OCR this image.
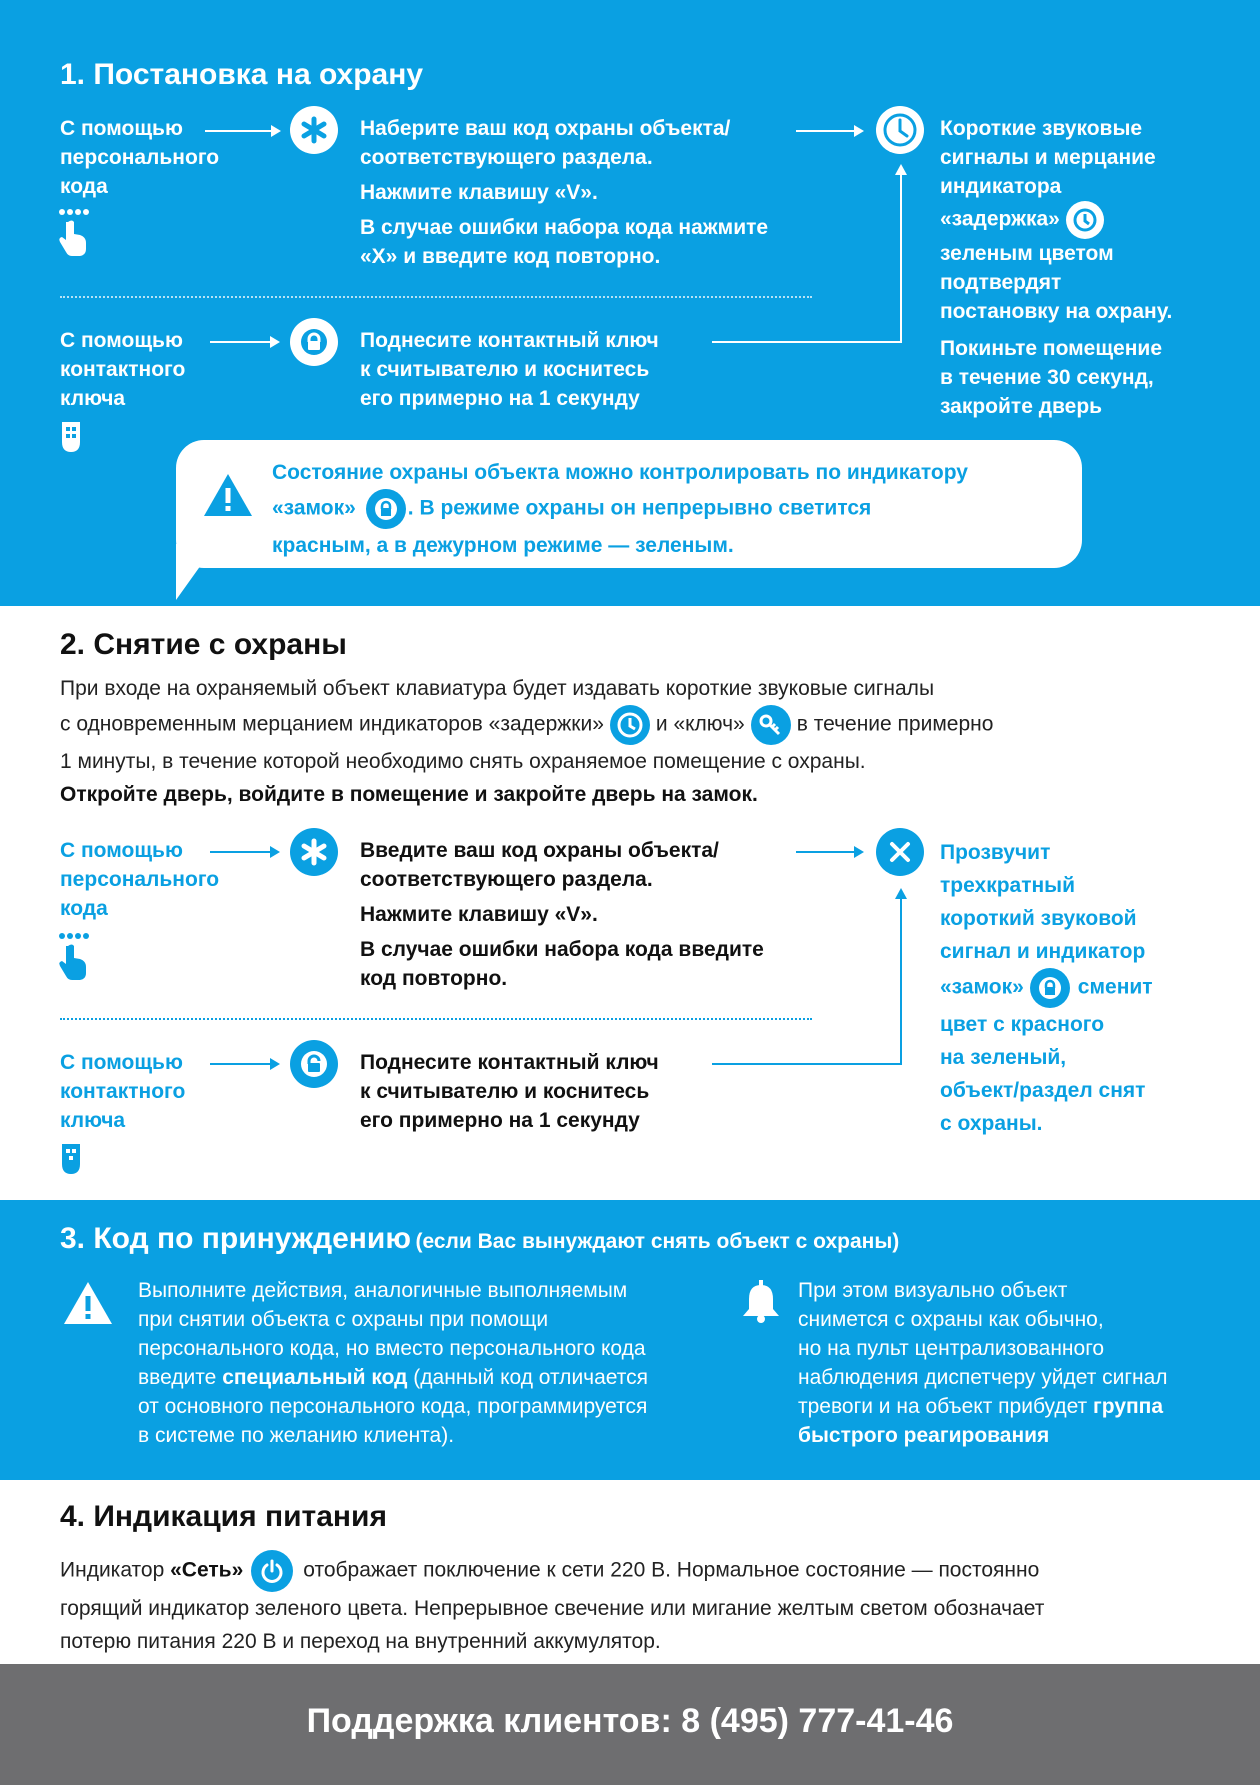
1. Постановка на охрану
С помощью
персонального
кода
Наберите ваш код охраны объекта/
соответствующего раздела.
Нажмите клавишу «V».
В случае ошибки набора кода нажмите
«Х» и введите код повторно.
Короткие звуковые
сигналы и мерцание
индикатора
«задержка»
зеленым цветом
подтвердят
постановку на охрану.
Покиньте помещение
в течение 30 секунд,
закройте дверь
С помощью
контактного
ключа
Поднесите контактный ключ
к считывателю и коснитесь
его примерно на 1 секунду
Состояние охраны объекта можно контролировать по индикатору
«замок» . В режиме охраны он непрерывно светится
красным, а в дежурном режиме — зеленым.
2. Снятие с охраны
При входе на охраняемый объект клавиатура будет издавать короткие звуковые сигналы
с одновременным мерцанием индикаторов «задержки» и «ключ» в течение примерно
1 минуты, в течение которой необходимо снять охраняемое помещение с охраны.
Откройте дверь, войдите в помещение и закройте дверь на замок.
С помощью
персонального
кода
Введите ваш код охраны объекта/
соответствующего раздела.
Нажмите клавишу «V».
В случае ошибки набора кода введите
код повторно.
Прозвучит
трехкратный
короткий звуковой
сигнал и индикатор
«замок»	сменит
цвет с красного
на зеленый,
объект/раздел снят
с охраны.
С помощью
контактного
ключа
Поднесите контактный ключ
к считывателю и коснитесь
его примерно на 1 секунду
3. Код по принуждению (если Вас вынуждают снять объект с охраны)
Выполните действия, аналогичные выполняемым
при снятии объекта с охраны при помощи
персонального кода, но вместо персонального кода
введите специальный код (данный код отличается
от основного персонального кода, программируется
в системе по желанию клиента).
При этом визуально объект
снимется с охраны как обычно,
но на пульт централизованного
наблюдения диспетчеру уйдет сигнал
тревоги и на объект прибудет группа
быстрого реагирования
4. Индикация питания
Индикатор «Сеть»	отображает поключение к сети 220 В. Нормальное состояние — постоянно
горящий индикатор зеленого цвета. Непрерывное свечение или мигание желтым светом обозначает
потерю питания 220 В и переход на внутренний аккумулятор.
Поддержка клиентов: 8 (495) 777-41-46
